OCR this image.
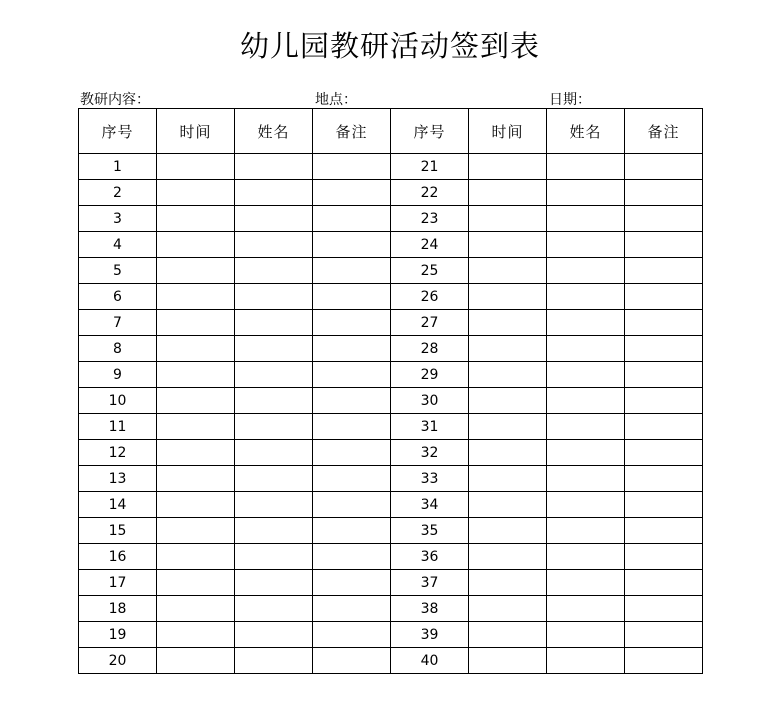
幼儿园教研活动签到表
教研内容：	地点：	日期：
序号	时间	姓名	备注	序号	时间	姓名	备注
1				21			
2				22			
3				23			
4				24			
5				25			
6				26			
7				27			
8				28			
9				29			
10				30			
11				31			
12				32			
13				33			
14				34			
15				35			
16				36			
17				37			
18				38			
19				39			
20				40			
